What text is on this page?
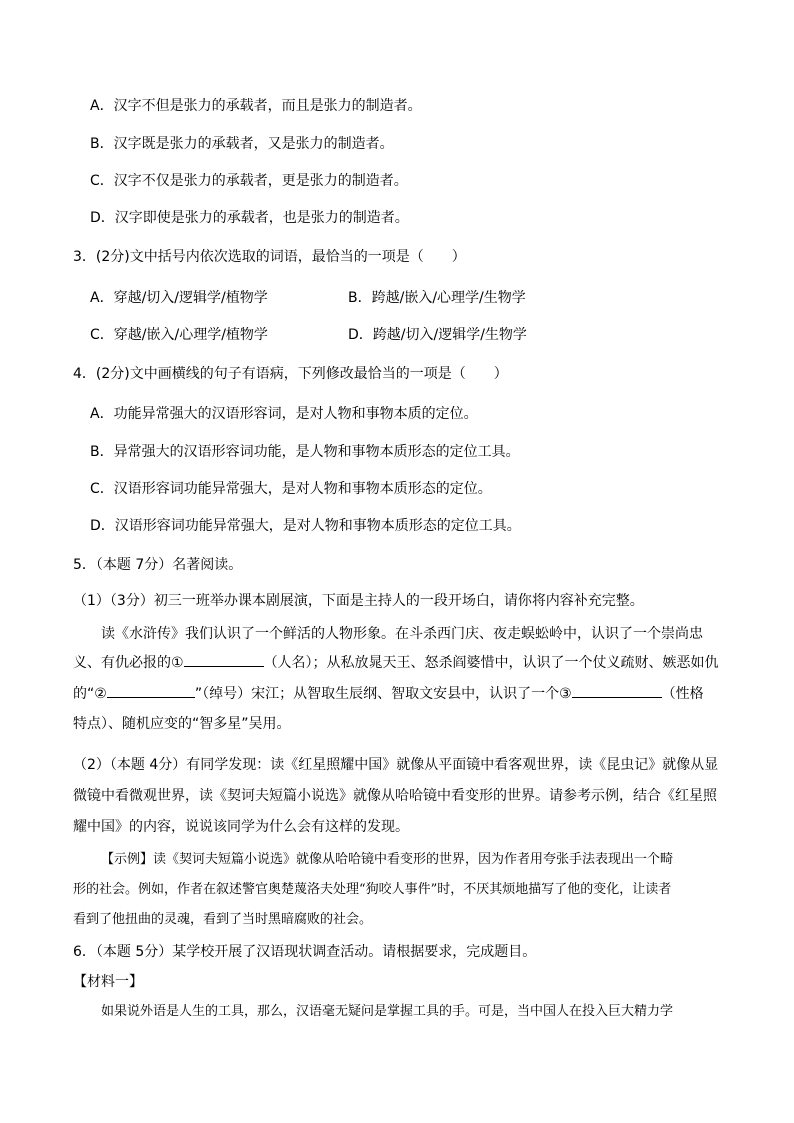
A．汉字不但是张力的承载者，而且是张力的制造者。
B．汉字既是张力的承载者，又是张力的制造者。
C．汉字不仅是张力的承载者，更是张力的制造者。
D．汉字即使是张力的承载者，也是张力的制造者。
3．(2分)文中括号内依次选取的词语，最恰当的一项是（　　）
A．穿越/切入/逻辑学/植物学	B．跨越/嵌入/心理学/生物学
C．穿越/嵌入/心理学/植物学	D．跨越/切入/逻辑学/生物学
4．(2分)文中画横线的句子有语病，下列修改最恰当的一项是（　　）
A．功能异常强大的汉语形容词，是对人物和事物本质的定位。
B．异常强大的汉语形容词功能，是人物和事物本质形态的定位工具。
C．汉语形容词功能异常强大，是对人物和事物本质形态的定位。
D．汉语形容词功能异常强大，是对人物和事物本质形态的定位工具。
5．（本题 7分）名著阅读。
（1）（3分）初三一班举办课本剧展演，下面是主持人的一段开场白，请你将内容补充完整。
读《水浒传》我们认识了一个鲜活的人物形象。在斗杀西门庆、夜走蜈蚣岭中，认识了一个崇尚忠
义、有仇必报的①	（人名）；从私放晁天王、怒杀阎婆惜中，认识了一个仗义疏财、嫉恶如仇
的“②	”（绰号）宋江；从智取生辰纲、智取文安县中，认识了一个③	（性格
特点）、随机应变的“智多星”吴用。
（2）（本题 4分）有同学发现：读《红星照耀中国》就像从平面镜中看客观世界，读《昆虫记》就像从显
微镜中看微观世界，读《契诃夫短篇小说选》就像从哈哈镜中看变形的世界。请参考示例，结合《红星照
耀中国》的内容，说说该同学为什么会有这样的发现。
【示例】读《契诃夫短篇小说选》就像从哈哈镜中看变形的世界，因为作者用夸张手法表现出一个畸
形的社会。例如，作者在叙述警官奥楚蔑洛夫处理“狗咬人事件”时，不厌其烦地描写了他的变化，让读者
看到了他扭曲的灵魂，看到了当时黑暗腐败的社会。
6．（本题 5分）某学校开展了汉语现状调查活动。请根据要求，完成题目。
【材料一】
如果说外语是人生的工具，那么，汉语毫无疑问是掌握工具的手。可是，当中国人在投入巨大精力学
